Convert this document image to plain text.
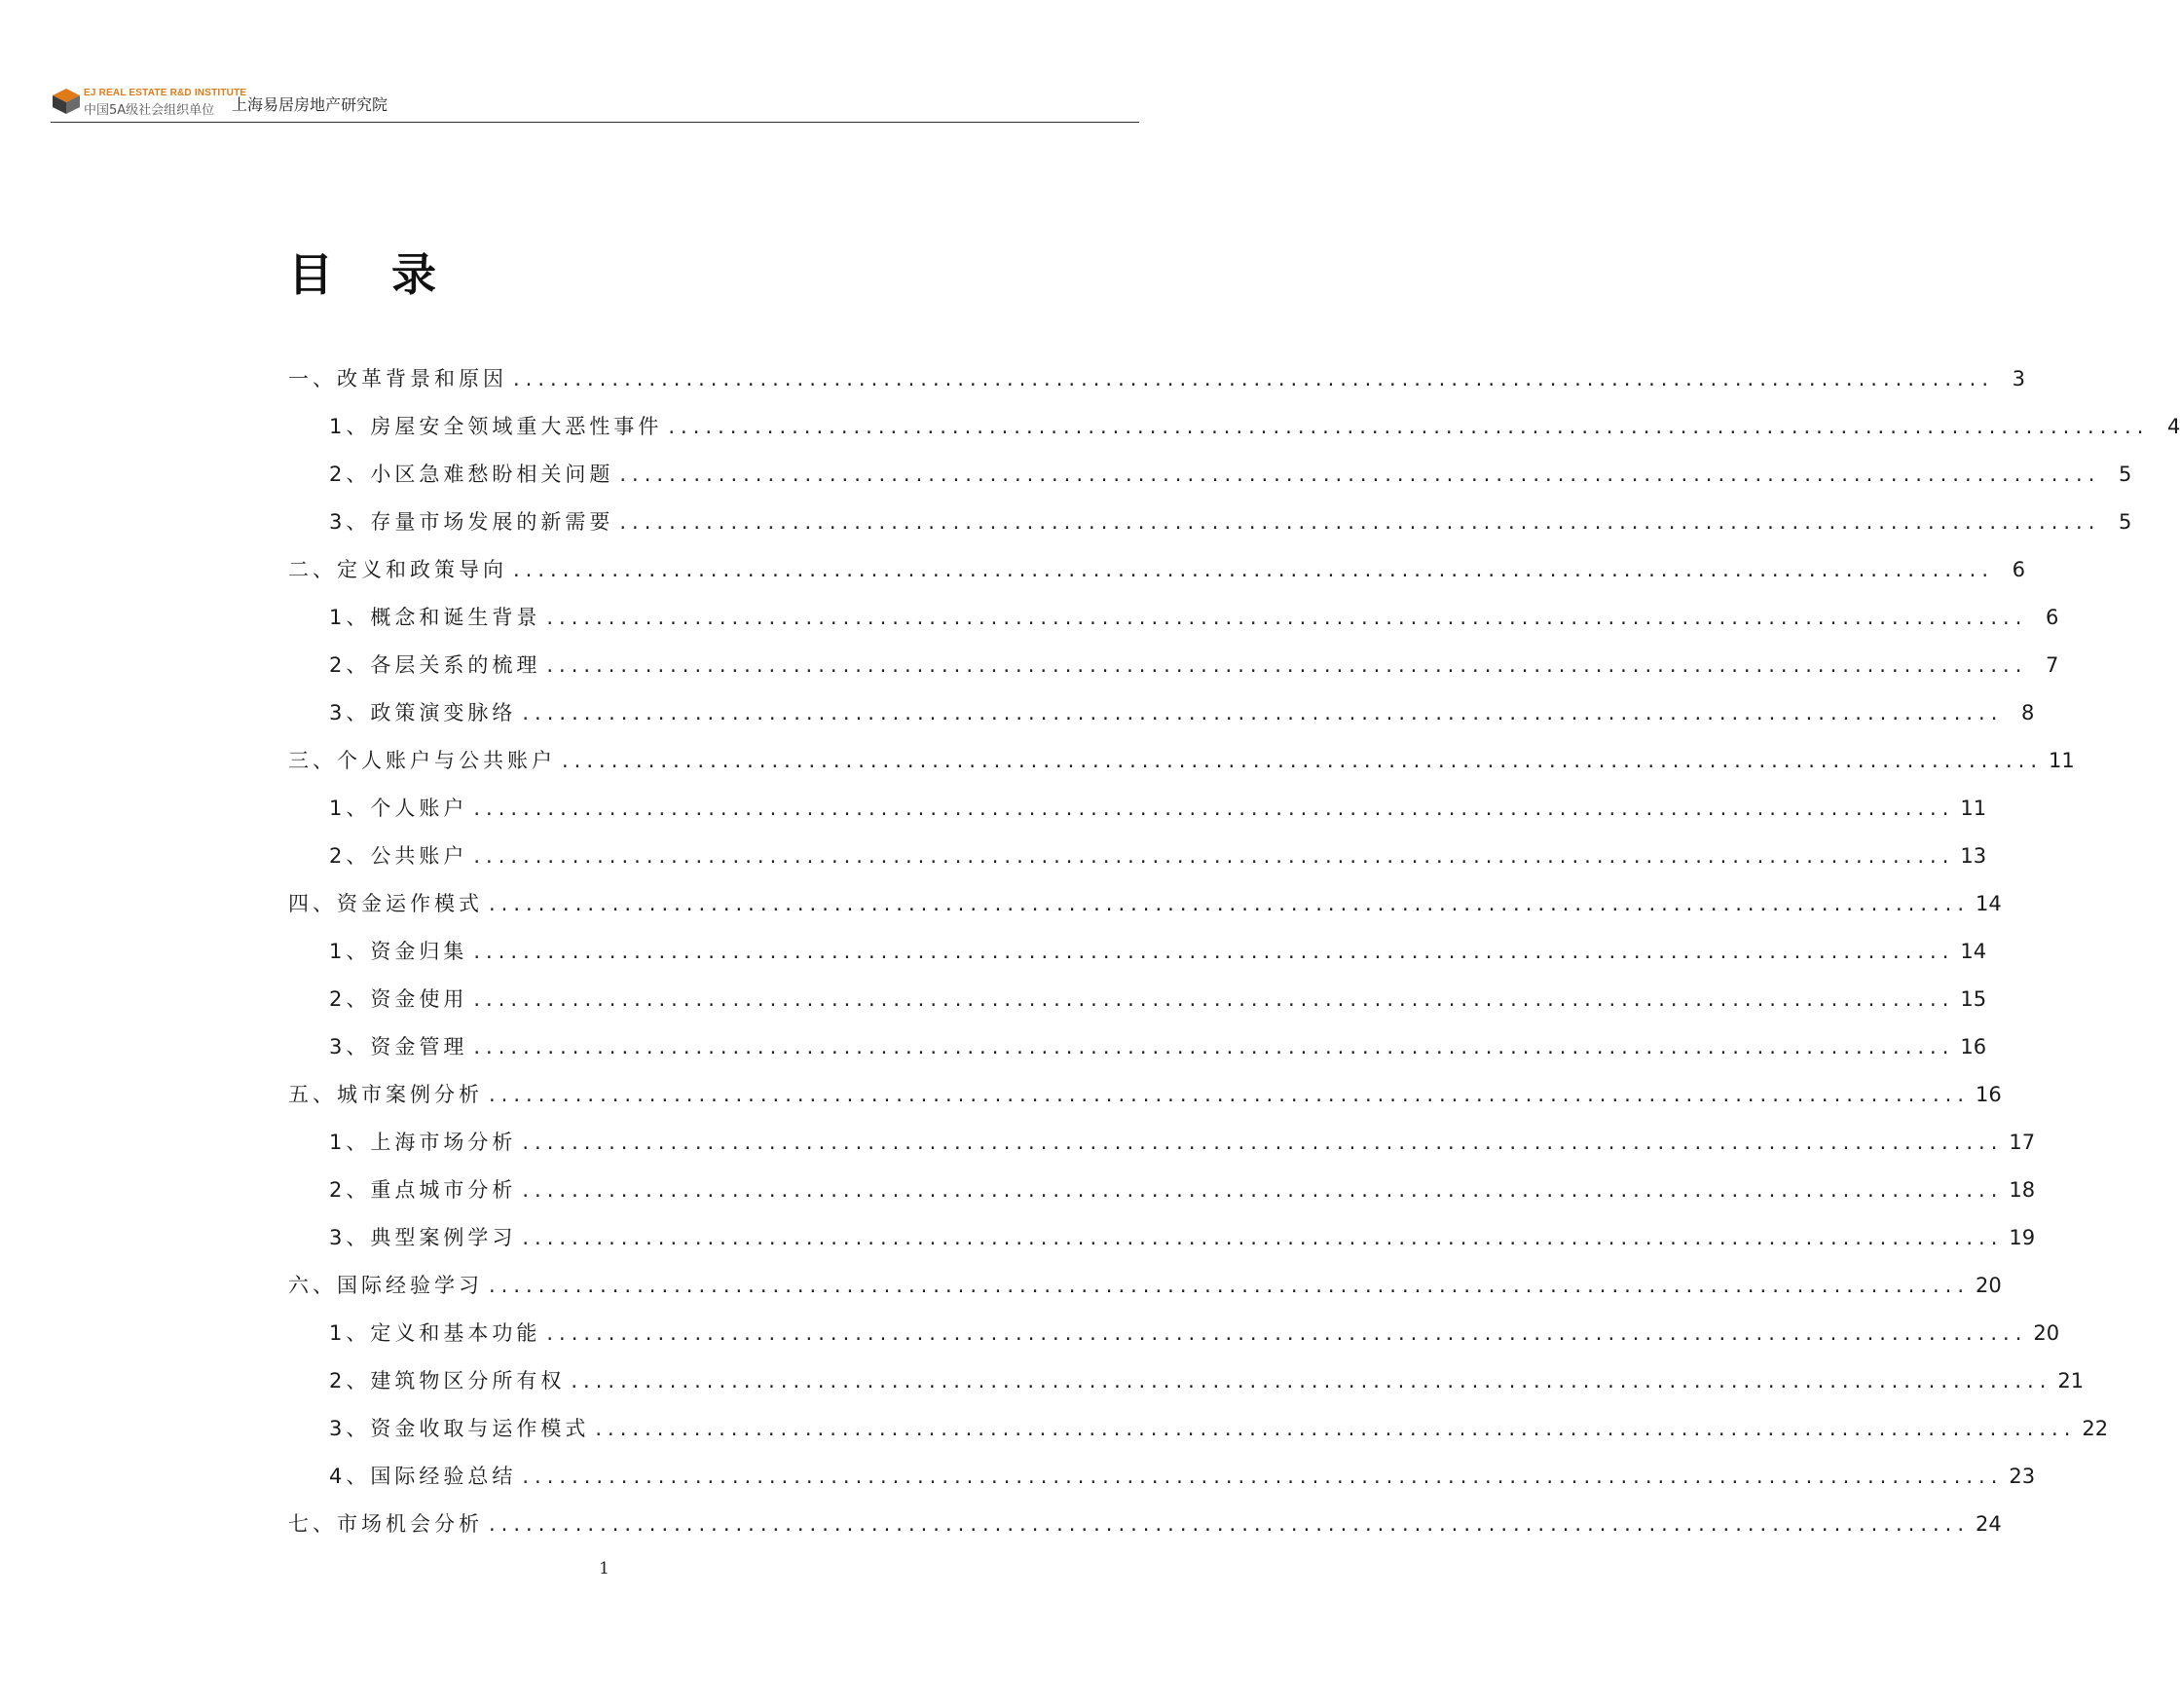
EJ REAL ESTATE R&D INSTITUTE
中国5A级社会组织单位 上海易居房地产研究院
目 录
一、改革背景和原因 ........................................................................................................................ 3
1、房屋安全领域重大恶性事件 ........................................................................................................................ 4
2、小区急难愁盼相关问题 ........................................................................................................................ 5
3、存量市场发展的新需要 ........................................................................................................................ 5
二、定义和政策导向 ........................................................................................................................ 6
1、概念和诞生背景 ........................................................................................................................ 6
2、各层关系的梳理 ........................................................................................................................ 7
3、政策演变脉络 ........................................................................................................................ 8
三、个人账户与公共账户 ........................................................................................................................ 11
1、个人账户 ........................................................................................................................ 11
2、公共账户 ........................................................................................................................ 13
四、资金运作模式 ........................................................................................................................ 14
1、资金归集 ........................................................................................................................ 14
2、资金使用 ........................................................................................................................ 15
3、资金管理 ........................................................................................................................ 16
五、城市案例分析 ........................................................................................................................ 16
1、上海市场分析 ........................................................................................................................ 17
2、重点城市分析 ........................................................................................................................ 18
3、典型案例学习 ........................................................................................................................ 19
六、国际经验学习 ........................................................................................................................ 20
1、定义和基本功能 ........................................................................................................................ 20
2、建筑物区分所有权 ........................................................................................................................ 21
3、资金收取与运作模式 ........................................................................................................................ 22
4、国际经验总结 ........................................................................................................................ 23
七、市场机会分析 ........................................................................................................................ 24
1
